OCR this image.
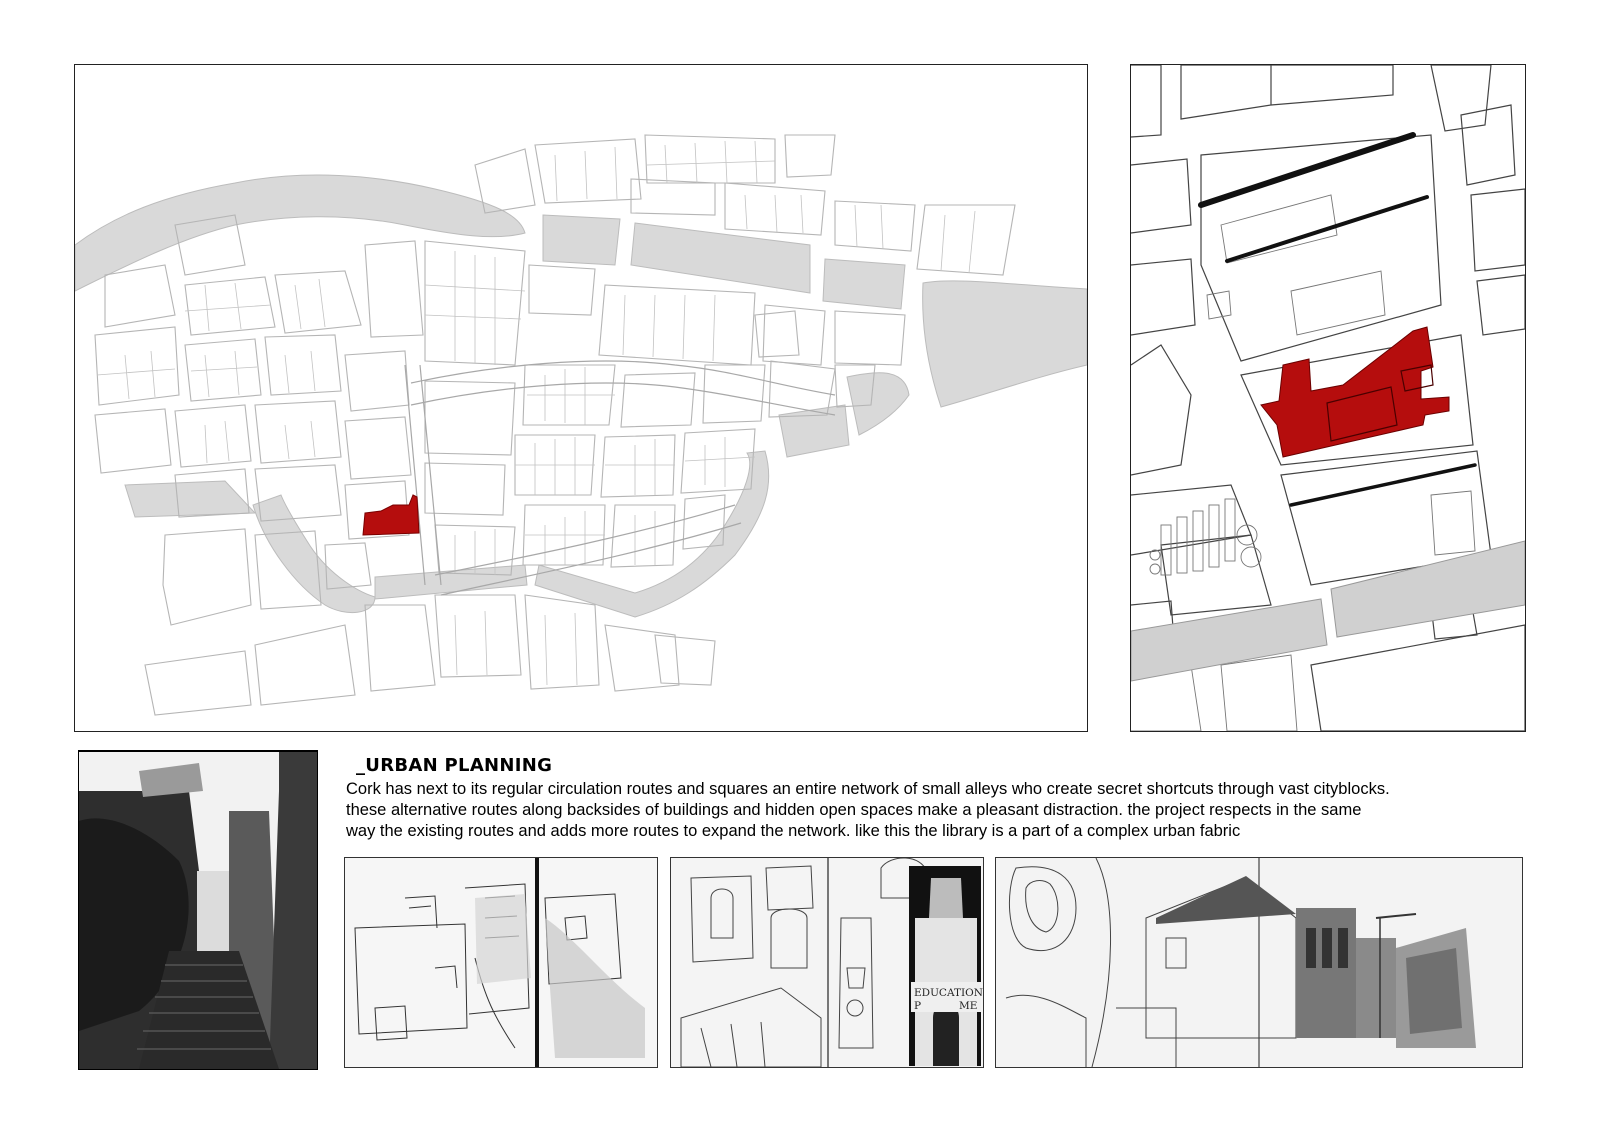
_URBAN PLANNING

Cork has next to its regular circulation routes and squares an entire network of small alleys who create secret shortcuts through vast cityblocks.

these alternative routes along backsides of buildings and hidden open spaces make a pleasant distraction. the project respects in the same

way the existing routes and adds more routes to expand the network. like this the library is a part of a complex urban fabric

EDUCATION
P	ME
